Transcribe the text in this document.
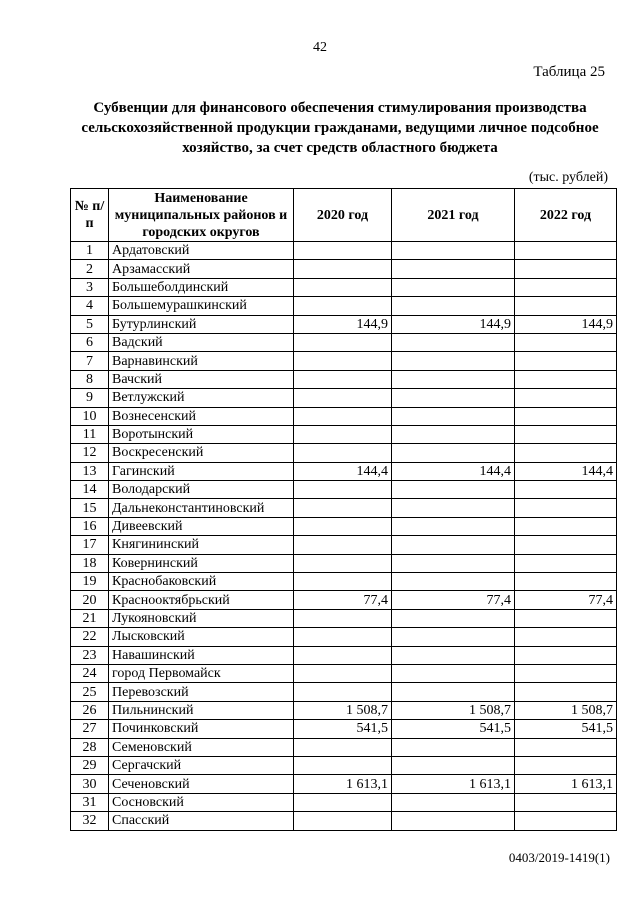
42
Таблица 25
Субвенции для финансового обеспечения стимулирования производства сельскохозяйственной продукции гражданами, ведущими личное подсобное хозяйство, за счет средств областного бюджета
(тыс. рублей)
№ п/п	Наименование муниципальных районов и городских округов	2020 год	2021 год	2022 год
1	Ардатовский			
2	Арзамасский			
3	Большеболдинский			
4	Большемурашкинский			
5	Бутурлинский	144,9	144,9	144,9
6	Вадский			
7	Варнавинский			
8	Вачский			
9	Ветлужский			
10	Вознесенский			
11	Воротынский			
12	Воскресенский			
13	Гагинский	144,4	144,4	144,4
14	Володарский			
15	Дальнеконстантиновский			
16	Дивеевский			
17	Княгининский			
18	Ковернинский			
19	Краснобаковский			
20	Краснооктябрьский	77,4	77,4	77,4
21	Лукояновский			
22	Лысковский			
23	Навашинский			
24	город Первомайск			
25	Перевозский			
26	Пильнинский	1 508,7	1 508,7	1 508,7
27	Починковский	541,5	541,5	541,5
28	Семеновский			
29	Сергачский			
30	Сеченовский	1 613,1	1 613,1	1 613,1
31	Сосновский			
32	Спасский			
0403/2019-1419(1)
